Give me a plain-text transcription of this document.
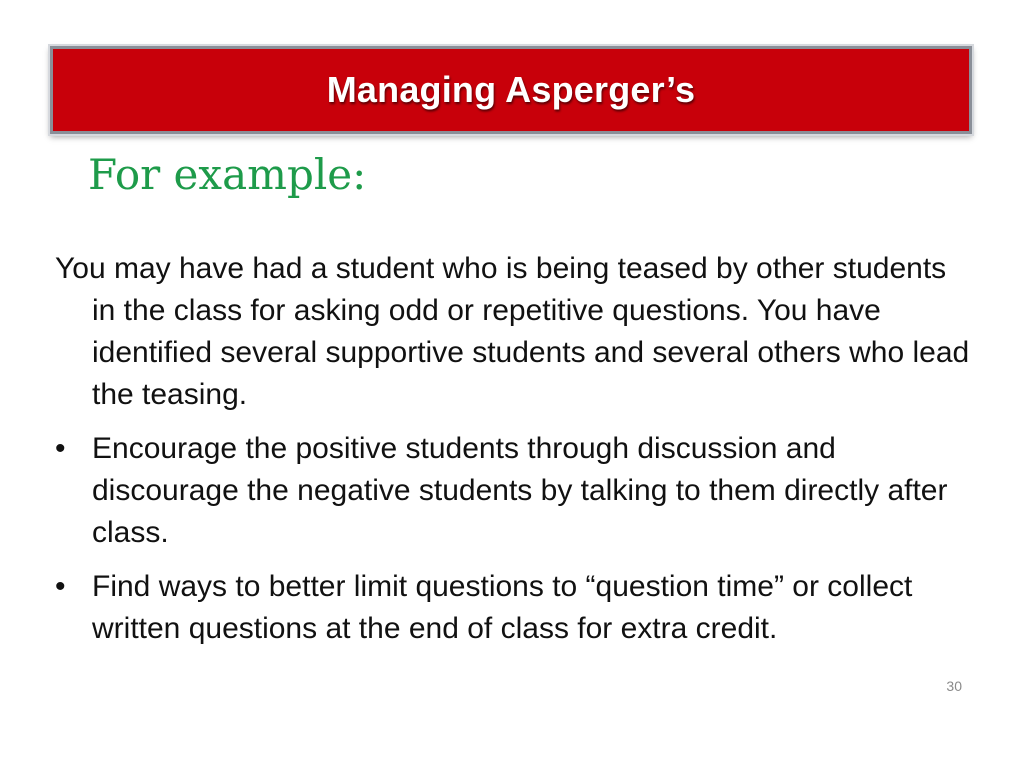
Managing Asperger’s
For example:

You may have had a student who is being teased by other students in the class for asking odd or repetitive questions. You have identified several supportive students and several others who lead the teasing.

• Encourage the positive students through discussion and discourage the negative students by talking to them directly after class.
• Find ways to better limit questions to “question time” or collect written questions at the end of class for extra credit.
30
